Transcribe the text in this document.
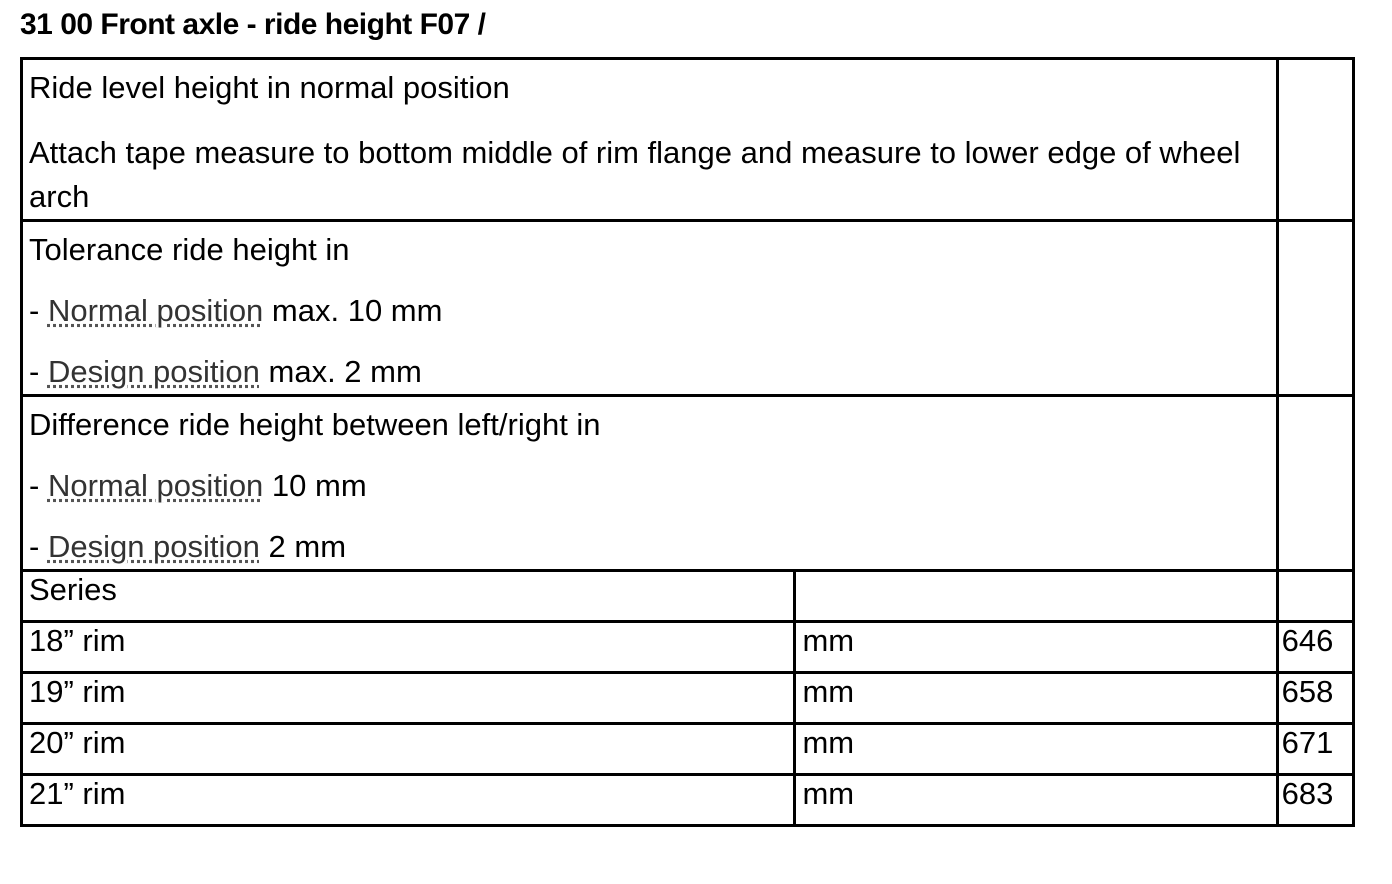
31 00 Front axle - ride height F07 /

Ride level height in normal position

Attach tape measure to bottom middle of rim flange and measure to lower edge of wheel arch		

Tolerance ride height in

- Normal position max. 10 mm

- Design position max. 2 mm		

Difference ride height between left/right in

- Normal position 10 mm

- Design position 2 mm		

Series		
18” rim	mm	646
19” rim	mm	658
20” rim	mm	671
21” rim	mm	683
